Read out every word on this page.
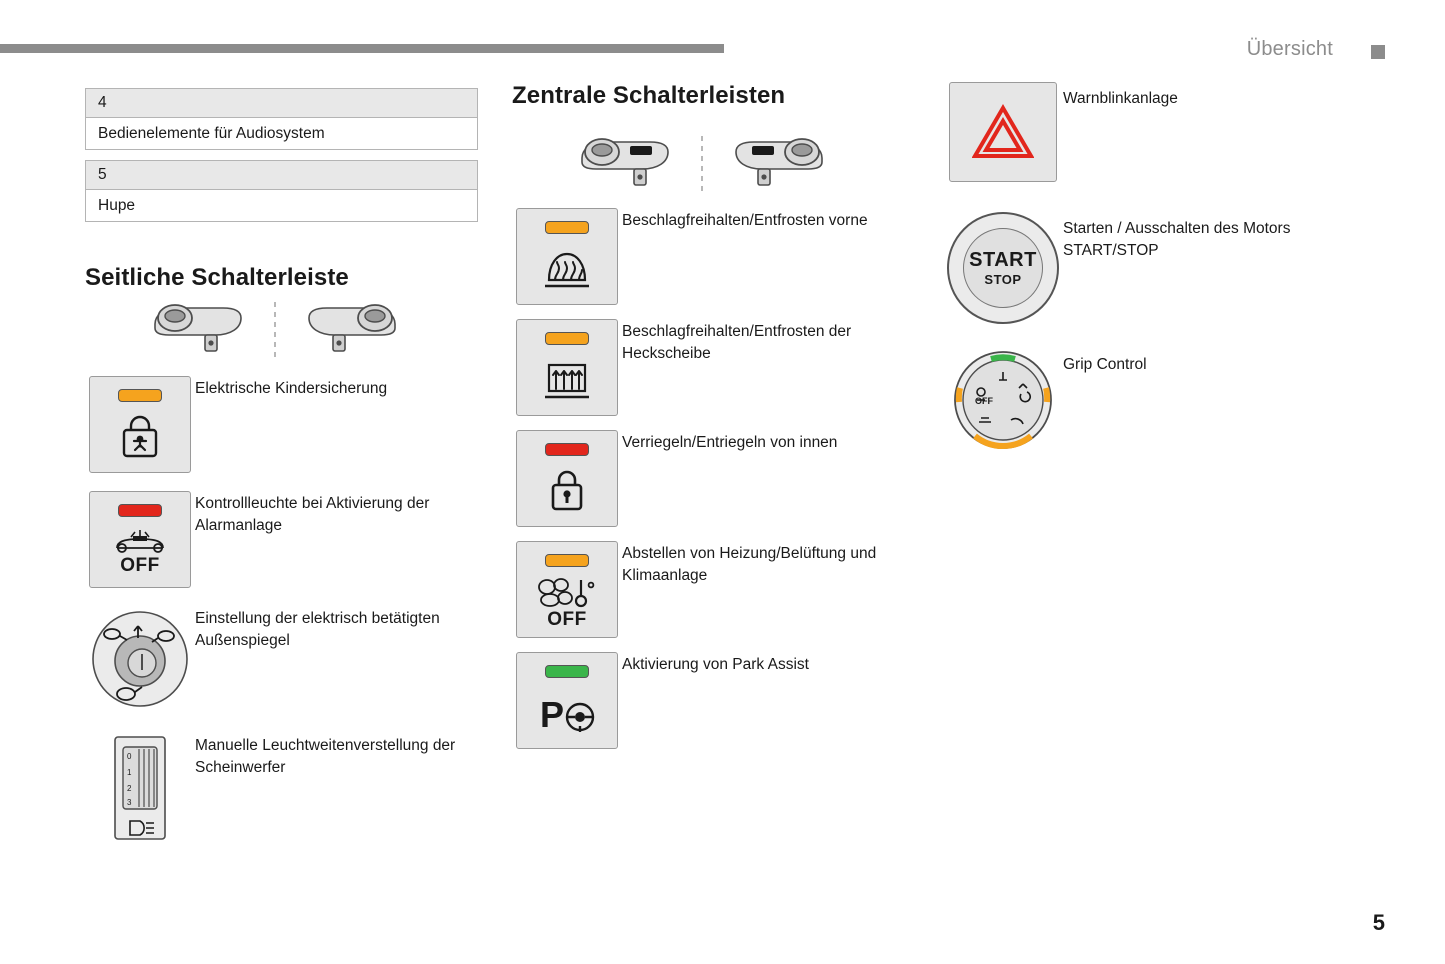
Übersicht
5
4
Bedienelemente für Audiosystem
5
Hupe
Seitliche Schalterleiste
Elektrische Kindersicherung
OFF
Kontrollleuchte bei Aktivierung der Alarmanlage
Einstellung der elektrisch betätigten Außenspiegel
0
1
2
3
Manuelle Leuchtweitenverstellung der Scheinwerfer
Zentrale Schalterleisten
Beschlagfreihalten/Entfrosten vorne
Beschlagfreihalten/Entfrosten der Heckscheibe
Verriegeln/Entriegeln von innen
OFF
Abstellen von Heizung/Belüftung und Klimaanlage
P
Aktivierung von Park Assist
Warnblinkanlage
START
STOP
Starten / Ausschalten des Motors START/STOP
OFF
Grip Control
